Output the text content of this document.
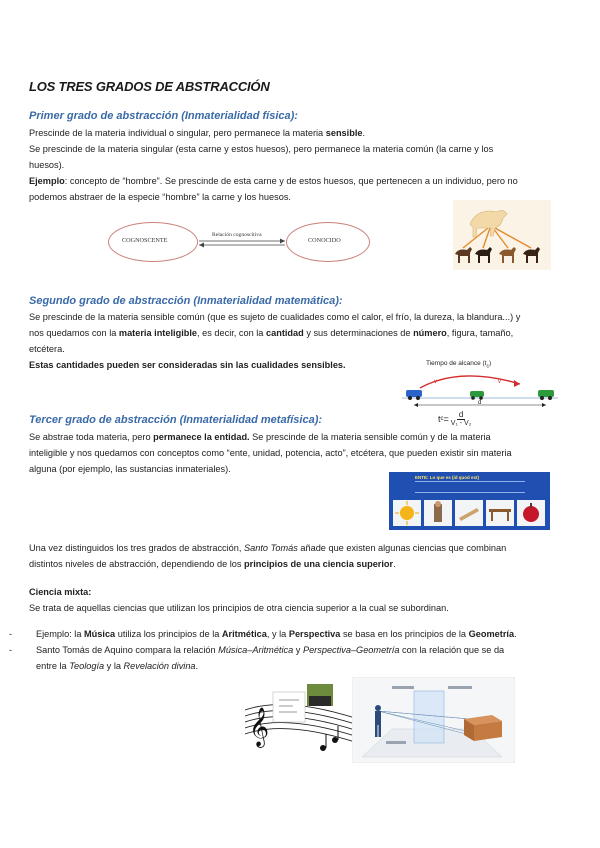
LOS TRES GRADOS DE ABSTRACCIÓN
Primer grado de abstracción (Inmaterialidad física):
Prescinde de la materia individual o singular, pero permanece la materia sensible.
Se prescinde de la materia singular (esta carne y estos huesos), pero permanece la materia común (la carne y los
huesos).
Ejemplo: concepto de “hombre”. Se prescinde de esta carne y de estos huesos, que pertenecen a un individuo, pero no
podemos abstraer de la especie “hombre” la carne y los huesos.
COGNOSCENTE	CONOCIDO
Relación cognoscitiva
Segundo grado de abstracción (Inmaterialidad matemática):
Se prescinde de la materia sensible común (que es sujeto de cualidades como el calor, el frío, la dureza, la blandura...) y
nos quedamos con la materia inteligible, es decir, con la cantidad y sus determinaciones de número, figura, tamaño,
etcétera.
Estas cantidades pueden ser consideradas sin las cualidades sensibles.	Tiempo de alcance $(t_c)$
v	v
d
t $c = \frac{d}{\text{V₁ - V₂}}$
Tercer grado de abstracción (Inmaterialidad metafísica):
Se abstrae toda materia, pero permanece la entidad. Se prescinde de la materia sensible común y de la materia
inteligible y nos quedamos con conceptos como “ente, unidad, potencia, acto”, etcétera, que pueden existir sin materia
alguna (por ejemplo, las sustancias inmateriales).
ENTE: Lo que es (id quod est)
Una vez distinguidos los tres grados de abstracción, Santo Tomás añade que existen algunas ciencias que combinan
distintos niveles de abstracción, dependiendo de los principios de una ciencia superior.
Ciencia mixta:
Se trata de aquellas ciencias que utilizan los principios de otra ciencia superior a la cual se subordinan.
-	Ejemplo: la Música utiliza los principios de la Aritmética, y la Perspectiva se basa en los principios de la Geometría.
-	Santo Tomás de Aquino compara la relación Música–Aritmética y Perspectiva–Geometría con la relación que se da
entre la Teología y la Revelación divina.
𝄞
